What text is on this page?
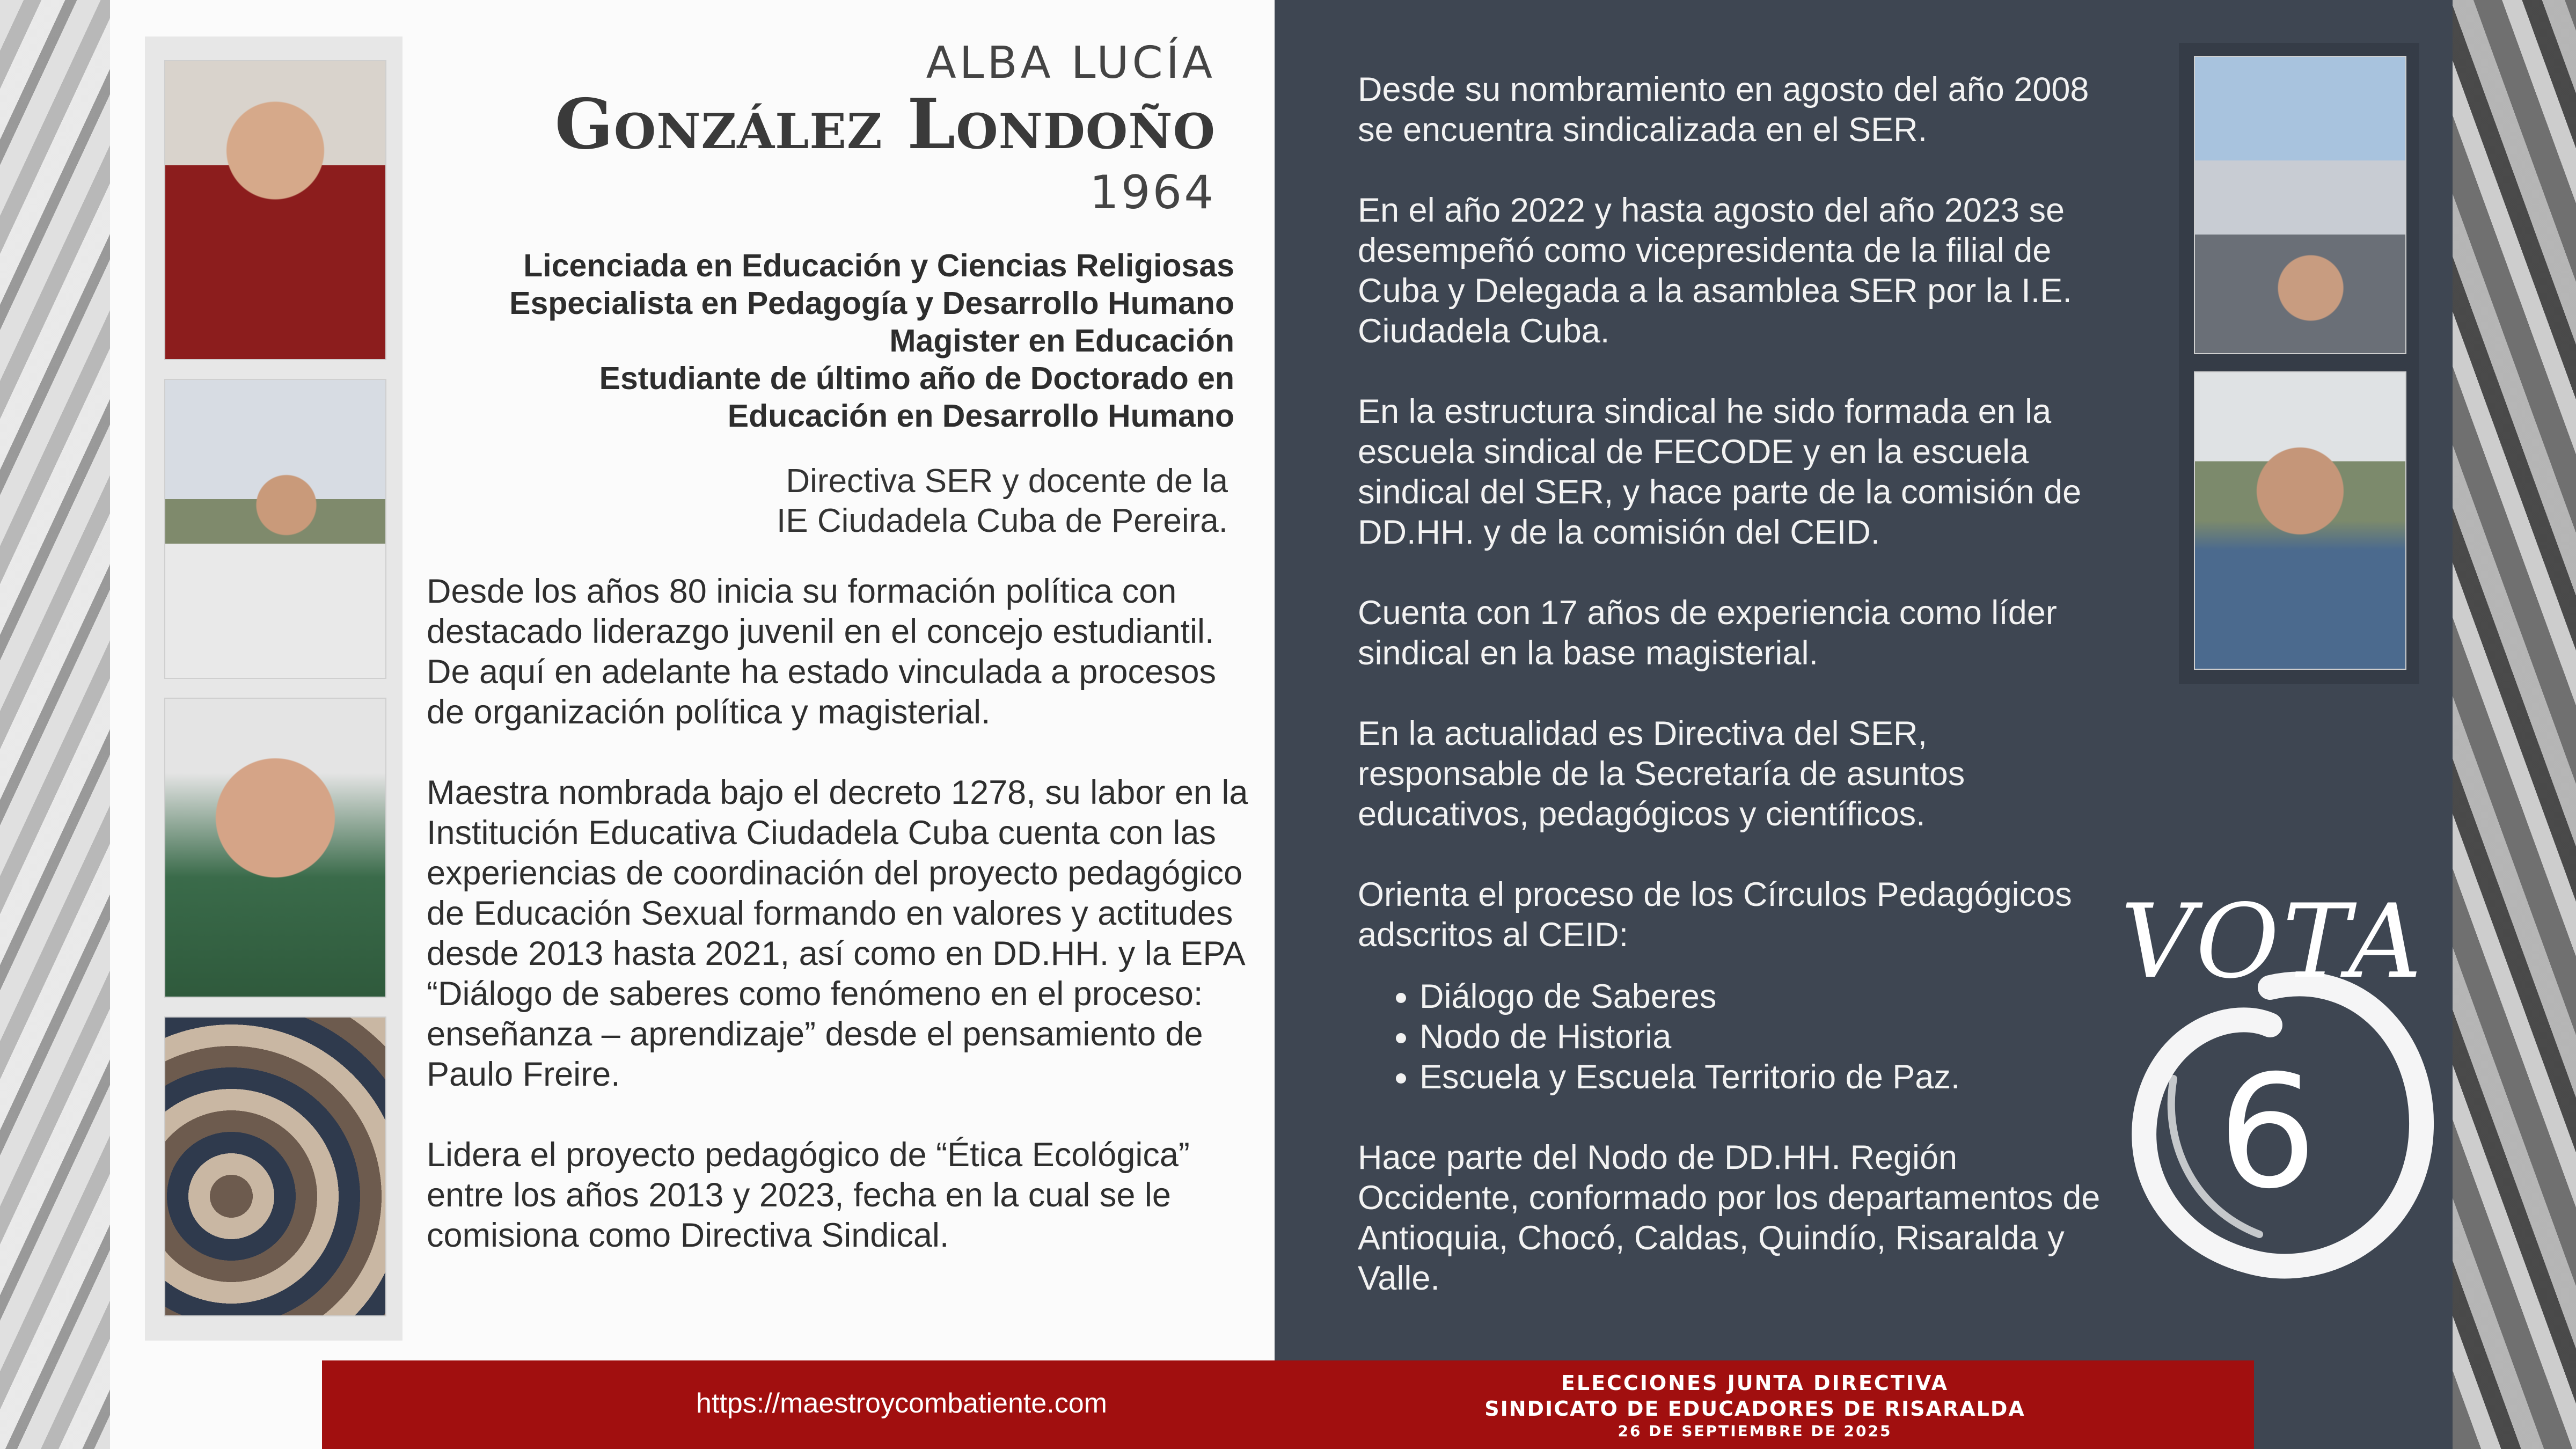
ALBA LUCÍA
González Londoño
1964
Licenciada en Educación y Ciencias Religiosas
Especialista en Pedagogía y Desarrollo Humano
Magister en Educación
Estudiante de último año de Doctorado en
Educación en Desarrollo Humano
Directiva SER y docente de la
IE Ciudadela Cuba de Pereira.

Desde los años 80 inicia su formación política con destacado liderazgo juvenil en el concejo estudiantil. De aquí en adelante ha estado vinculada a procesos de organización política y magisterial.

Maestra nombrada bajo el decreto 1278, su labor en la Institución Educativa Ciudadela Cuba cuenta con las experiencias de coordinación del proyecto pedagógico de Educación Sexual formando en valores y actitudes desde 2013 hasta 2021, así como en DD.HH. y la EPA “Diálogo de saberes como fenómeno en el proceso: enseñanza – aprendizaje” desde el pensamiento de Paulo Freire.

Lidera el proyecto pedagógico de “Ética Ecológica” entre los años 2013 y 2023, fecha en la cual se le comisiona como Directiva Sindical.

Desde su nombramiento en agosto del año 2008 se encuentra sindicalizada en el SER.

En el año 2022 y hasta agosto del año 2023 se desempeñó como vicepresidenta de la filial de Cuba y Delegada a la asamblea SER por la I.E. Ciudadela Cuba.

En la estructura sindical he sido formada en la escuela sindical de FECODE y en la escuela sindical del SER, y hace parte de la comisión de DD.HH. y de la comisión del CEID.

Cuenta con 17 años de experiencia como líder sindical en la base magisterial.

En la actualidad es Directiva del SER, responsable de la Secretaría de asuntos educativos, pedagógicos y científicos.

Orienta el proceso de los Círculos Pedagógicos adscritos al CEID:

• Diálogo de Saberes
• Nodo de Historia
• Escuela y Escuela Territorio de Paz.

Hace parte del Nodo de DD.HH. Región Occidente, conformado por los departamentos de Antioquia, Chocó, Caldas, Quindío, Risaralda y Valle.

VOTA
6
https://maestroycombatiente.com
ELECCIONES JUNTA DIRECTIVA
SINDICATO DE EDUCADORES DE RISARALDA
26 DE SEPTIEMBRE DE 2025
